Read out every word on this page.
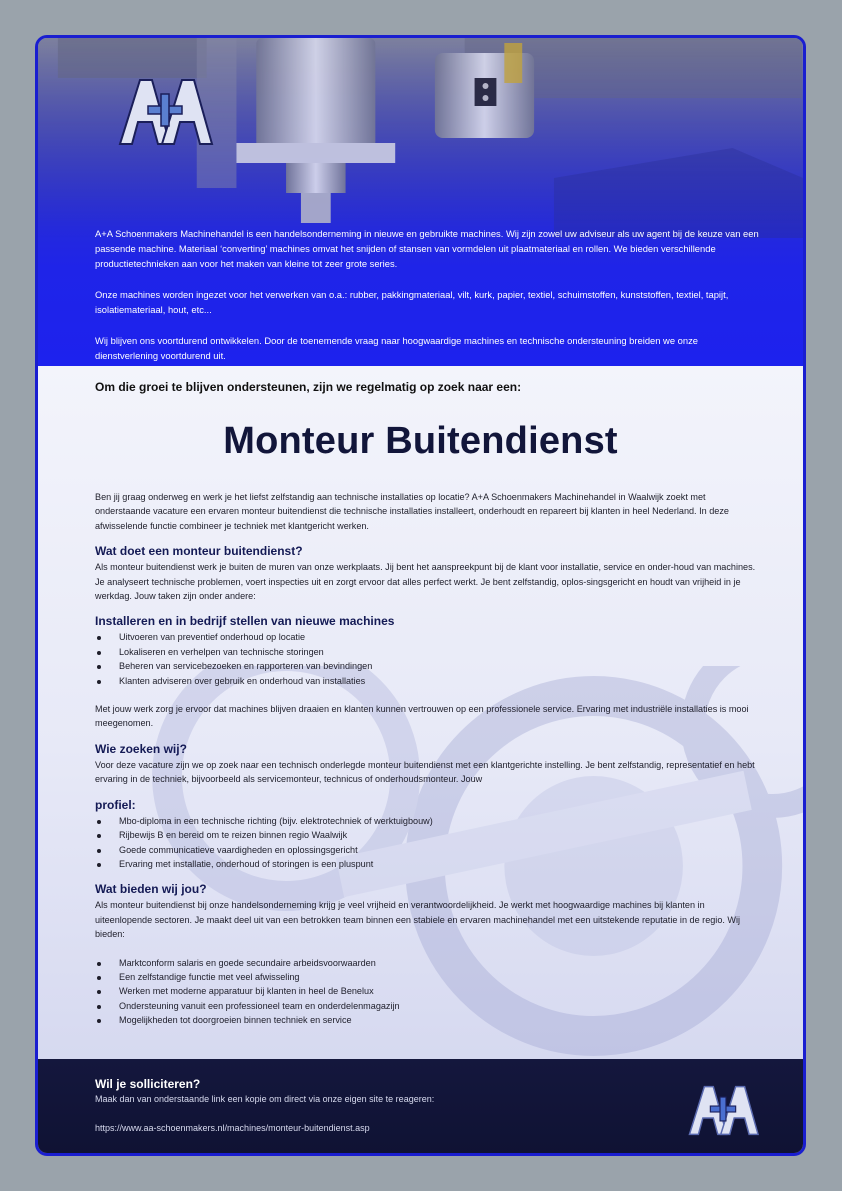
A+A Schoenmakers Machinehandel is een handelsonderneming in nieuwe en gebruikte machines. Wij zijn zowel uw adviseur als uw agent bij de keuze van een passende machine. Materiaal ‘converting’ machines omvat het snijden of stansen van vormdelen uit plaatmateriaal en rollen. We bieden verschillende productietechnieken aan voor het maken van kleine tot zeer grote series.

Onze machines worden ingezet voor het verwerken van o.a.: rubber, pakkingmateriaal, vilt, kurk, papier, textiel, schuimstoffen, kunststoffen, textiel, tapijt, isolatiemateriaal, hout, etc...

Wij blijven ons voortdurend ontwikkelen. Door de toenemende vraag naar hoogwaardige machines en technische ondersteuning breiden we onze dienstverlening voortdurend uit.

Om die groei te blijven ondersteunen, zijn we regelmatig op zoek naar een:
Monteur Buitendienst

Ben jij graag onderweg en werk je het liefst zelfstandig aan technische installaties op locatie? A+A Schoenmakers Machinehandel in Waalwijk zoekt met onderstaande vacature een ervaren monteur buitendienst die technische installaties installeert, onderhoudt en repareert bij klanten in heel Nederland. In deze afwisselende functie combineer je techniek met klantgericht werken.

Wat doet een monteur buitendienst?

Als monteur buitendienst werk je buiten de muren van onze werkplaats. Jij bent het aanspreekpunt bij de klant voor installatie, service en onder-houd van machines. Je analyseert technische problemen, voert inspecties uit en zorgt ervoor dat alles perfect werkt. Je bent zelfstandig, oplos-singsgericht en houdt van vrijheid in je werkdag. Jouw taken zijn onder andere:

Installeren en in bedrijf stellen van nieuwe machines
Uitvoeren van preventief onderhoud op locatie
Lokaliseren en verhelpen van technische storingen
Beheren van servicebezoeken en rapporteren van bevindingen
Klanten adviseren over gebruik en onderhoud van installaties

Met jouw werk zorg je ervoor dat machines blijven draaien en klanten kunnen vertrouwen op een professionele service. Ervaring met industriële installaties is mooi meegenomen.

Wie zoeken wij?

Voor deze vacature zijn we op zoek naar een technisch onderlegde monteur buitendienst met een klantgerichte instelling. Je bent zelfstandig, representatief en hebt ervaring in de techniek, bijvoorbeeld als servicemonteur, technicus of onderhoudsmonteur. Jouw

profiel:
Mbo-diploma in een technische richting (bijv. elektrotechniek of werktuigbouw)
Rijbewijs B en bereid om te reizen binnen regio Waalwijk
Goede communicatieve vaardigheden en oplossingsgericht
Ervaring met installatie, onderhoud of storingen is een pluspunt
Wat bieden wij jou?

Als monteur buitendienst bij onze handelsonderneming krijg je veel vrijheid en verantwoordelijkheid. Je werkt met hoogwaardige machines bij klanten in uiteenlopende sectoren. Je maakt deel uit van een betrokken team binnen een stabiele en ervaren machinehandel met een uitstekende reputatie in de regio. Wij bieden:

Marktconform salaris en goede secundaire arbeidsvoorwaarden
Een zelfstandige functie met veel afwisseling
Werken met moderne apparatuur bij klanten in heel de Benelux
Ondersteuning vanuit een professioneel team en onderdelenmagazijn
Mogelijkheden tot doorgroeien binnen techniek en service
Wil je solliciteren?
Maak dan van onderstaande link een kopie om direct via onze eigen site te reageren:
https://www.aa-schoenmakers.nl/machines/monteur-buitendienst.asp
